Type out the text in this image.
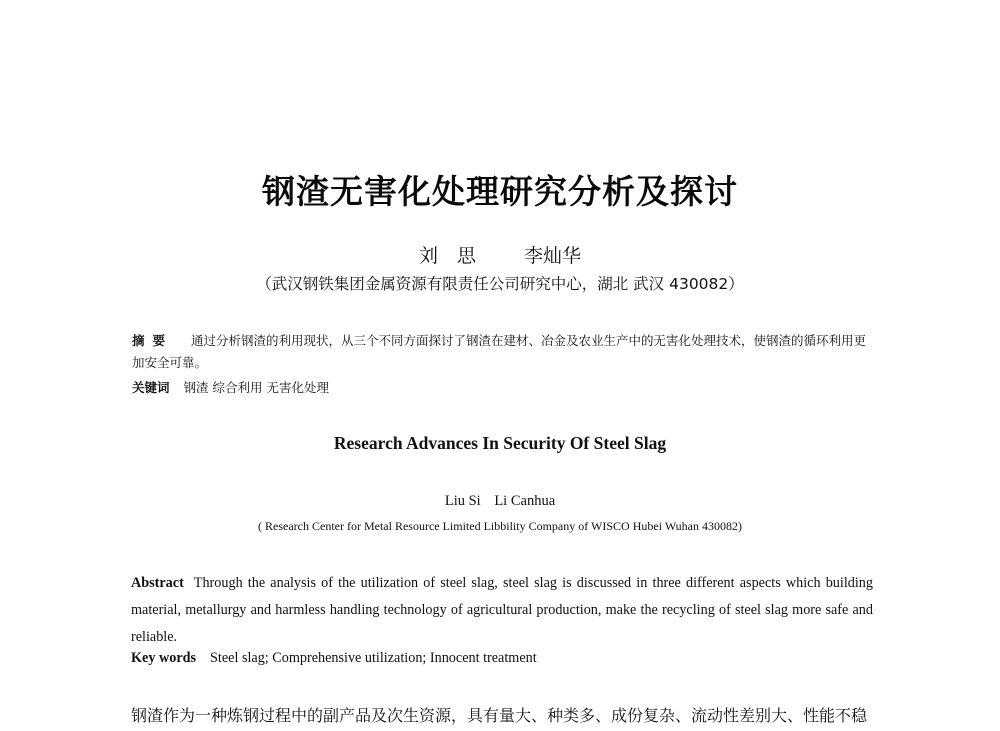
钢渣无害化处理研究分析及探讨
刘　思	李灿华
（武汉钢铁集团金属资源有限责任公司研究中心，湖北 武汉 430082）
摘要 通过分析钢渣的利用现状，从三个不同方面探讨了钢渣在建材、冶金及农业生产中的无害化处理技术，使钢渣的循环利用更加安全可靠。
关键词 钢渣 综合利用 无害化处理
Research Advances In Security Of Steel Slag
Liu Si Li Canhua
( Research Center for Metal Resource Limited Libbility Company of WISCO Hubei Wuhan 430082)
Abstract Through the analysis of the utilization of steel slag, steel slag is discussed in three different aspects which building material, metallurgy and harmless handling technology of agricultural production, make the recycling of steel slag more safe and reliable.
Key words Steel slag; Comprehensive utilization; Innocent treatment
钢渣作为一种炼钢过程中的副产品及次生资源，具有量大、种类多、成份复杂、流动性差别大、性能不稳
